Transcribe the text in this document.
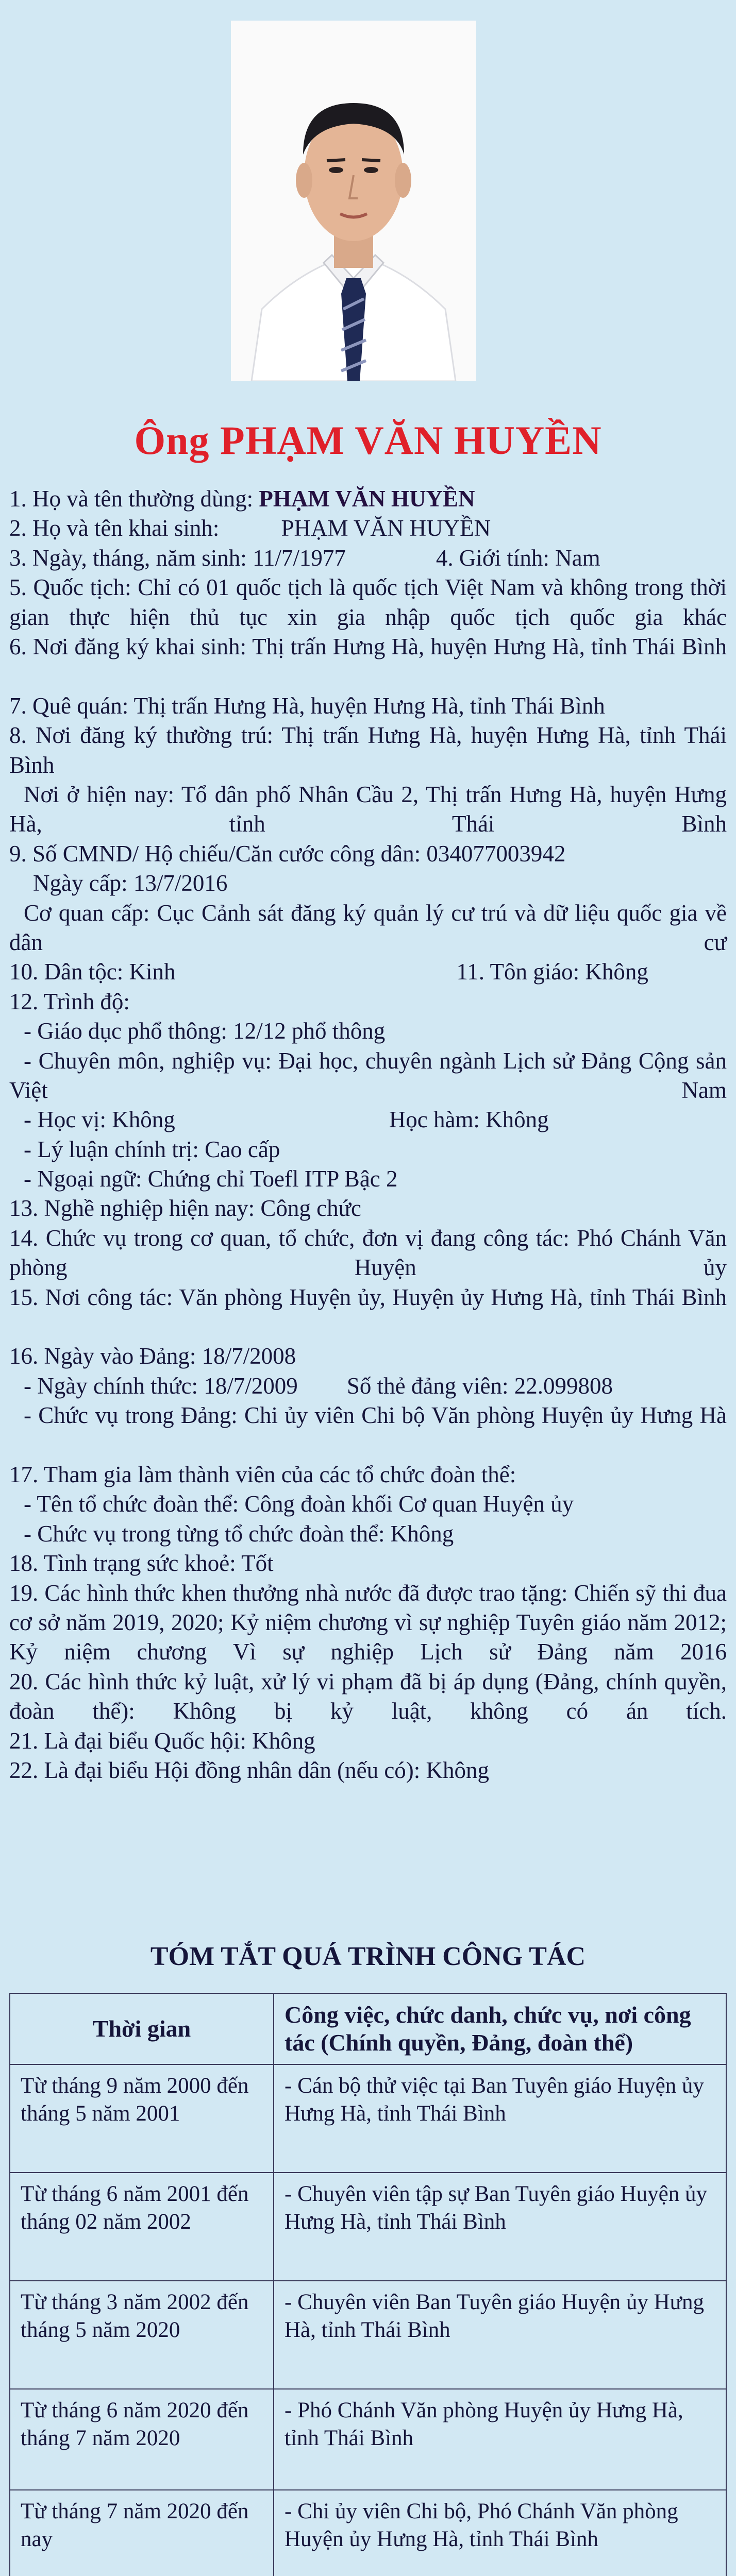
Ông PHẠM VĂN HUYỀN
1. Họ và tên thường dùng: PHẠM VĂN HUYỀN
2. Họ và tên khai sinh:	PHẠM VĂN HUYỀN
3. Ngày, tháng, năm sinh: 11/7/1977	4. Giới tính: Nam
5. Quốc tịch: Chỉ có 01 quốc tịch là quốc tịch Việt Nam và không trong thời gian thực hiện thủ tục xin gia nhập quốc tịch quốc gia khác
6. Nơi đăng ký khai sinh: Thị trấn Hưng Hà, huyện Hưng Hà, tỉnh Thái Bình
7. Quê quán: Thị trấn Hưng Hà, huyện Hưng Hà, tỉnh Thái Bình
8. Nơi đăng ký thường trú: Thị trấn Hưng Hà, huyện Hưng Hà, tỉnh Thái Bình
Nơi ở hiện nay: Tổ dân phố Nhân Cầu 2, Thị trấn Hưng Hà, huyện Hưng Hà, tỉnh Thái Bình
9. Số CMND/ Hộ chiếu/Căn cước công dân: 034077003942
Ngày cấp: 13/7/2016
Cơ quan cấp: Cục Cảnh sát đăng ký quản lý cư trú và dữ liệu quốc gia về dân cư
10. Dân tộc: Kinh	11. Tôn giáo: Không
12. Trình độ:
- Giáo dục phổ thông: 12/12 phổ thông
- Chuyên môn, nghiệp vụ: Đại học, chuyên ngành Lịch sử Đảng Cộng sản Việt Nam
- Học vị: Không	Học hàm: Không
- Lý luận chính trị: Cao cấp
- Ngoại ngữ: Chứng chỉ Toefl ITP Bậc 2
13. Nghề nghiệp hiện nay: Công chức
14. Chức vụ trong cơ quan, tổ chức, đơn vị đang công tác: Phó Chánh Văn phòng Huyện ủy
15. Nơi công tác: Văn phòng Huyện ủy, Huyện ủy Hưng Hà, tỉnh Thái Bình
16. Ngày vào Đảng: 18/7/2008
- Ngày chính thức: 18/7/2009 Số thẻ đảng viên: 22.099808
- Chức vụ trong Đảng: Chi ủy viên Chi bộ Văn phòng Huyện ủy Hưng Hà
17. Tham gia làm thành viên của các tổ chức đoàn thể:
- Tên tổ chức đoàn thể: Công đoàn khối Cơ quan Huyện ủy
- Chức vụ trong từng tổ chức đoàn thể: Không
18. Tình trạng sức khoẻ: Tốt
19. Các hình thức khen thưởng nhà nước đã được trao tặng: Chiến sỹ thi đua cơ sở năm 2019, 2020; Kỷ niệm chương vì sự nghiệp Tuyên giáo năm 2012; Kỷ niệm chương Vì sự nghiệp Lịch sử Đảng năm 2016
20. Các hình thức kỷ luật, xử lý vi phạm đã bị áp dụng (Đảng, chính quyền, đoàn thể): Không bị kỷ luật, không có án tích.
21. Là đại biểu Quốc hội: Không
22. Là đại biểu Hội đồng nhân dân (nếu có): Không
TÓM TẮT QUÁ TRÌNH CÔNG TÁC
Thời gian	Công việc, chức danh, chức vụ, nơi công tác (Chính quyền, Đảng, đoàn thể)
Từ tháng 9 năm 2000 đến tháng 5 năm 2001	- Cán bộ thử việc tại Ban Tuyên giáo Huyện ủy Hưng Hà, tỉnh Thái Bình
Từ tháng 6 năm 2001 đến tháng 02 năm 2002	- Chuyên viên tập sự Ban Tuyên giáo Huyện ủy Hưng Hà, tỉnh Thái Bình
Từ tháng 3 năm 2002 đến tháng 5 năm 2020	- Chuyên viên Ban Tuyên giáo Huyện ủy Hưng Hà, tỉnh Thái Bình
Từ tháng 6 năm 2020 đến tháng 7 năm 2020	- Phó Chánh Văn phòng Huyện ủy Hưng Hà, tỉnh Thái Bình
Từ tháng 7 năm 2020 đến nay	- Chi ủy viên Chi bộ, Phó Chánh Văn phòng Huyện ủy Hưng Hà, tỉnh Thái Bình
